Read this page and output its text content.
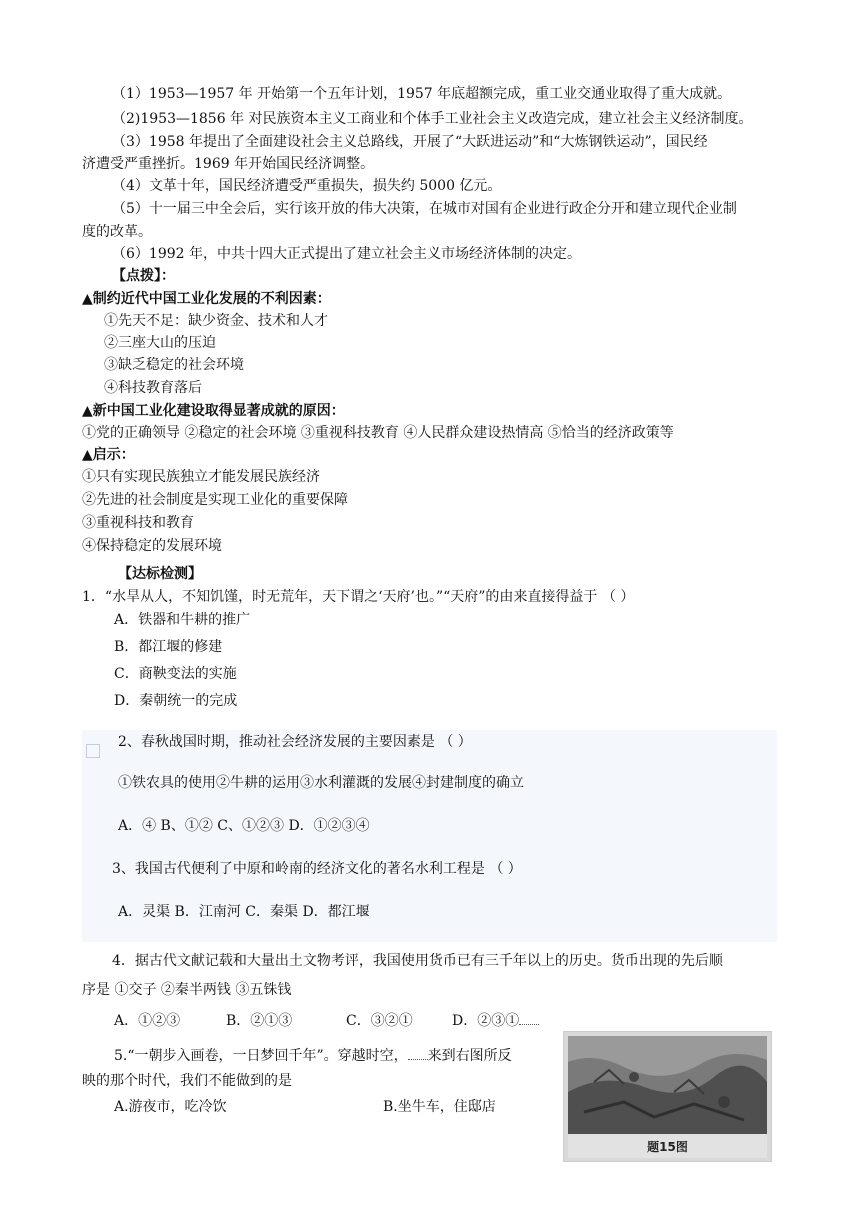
（1）1953—1957 年 开始第一个五年计划，1957 年底超额完成，重工业交通业取得了重大成就。
（2)1953—1856 年 对民族资本主义工商业和个体手工业社会主义改造完成，建立社会主义经济制度。
（3）1958 年提出了全面建设社会主义总路线，开展了“大跃进运动”和“大炼钢铁运动”，国民经
济遭受严重挫折。1969 年开始国民经济调整。
（4）文革十年，国民经济遭受严重损失，损失约 5000 亿元。
（5）十一届三中全会后，实行该开放的伟大决策，在城市对国有企业进行政企分开和建立现代企业制
度的改革。
（6）1992 年，中共十四大正式提出了建立社会主义市场经济体制的决定。
【点拨】：
▲制约近代中国工业化发展的不利因素：
①先天不足：缺少资金、技术和人才
②三座大山的压迫
③缺乏稳定的社会环境
④科技教育落后
▲新中国工业化建设取得显著成就的原因：
①党的正确领导 ②稳定的社会环境 ③重视科技教育 ④人民群众建设热情高 ⑤恰当的经济政策等
▲启示：
①只有实现民族独立才能发展民族经济
②先进的社会制度是实现工业化的重要保障
③重视科技和教育
④保持稳定的发展环境
【达标检测】
1．“水旱从人，不知饥馑，时无荒年，天下谓之‘天府’也。”“天府”的由来直接得益于 （ ）
A．铁器和牛耕的推广
B．都江堰的修建
C．商鞅变法的实施
D．秦朝统一的完成
2、春秋战国时期，推动社会经济发展的主要因素是 （ ）
①铁农具的使用②牛耕的运用③水利灌溉的发展④封建制度的确立
A．④ B、①② C、①②③ D．①②③④
3、我国古代便利了中原和岭南的经济文化的著名水利工程是 （ ）
A．灵渠 B．江南河 C．秦渠 D．都江堰
4．据古代文献记载和大量出土文物考评，我国使用货币已有三千年以上的历史。货币出现的先后顺
序是 ①交子 ②秦半两钱 ③五铢钱
A．①②③	B．②①③	C．③②①	D．②③①
5.“一朝步入画卷，一日梦回千年”。穿越时空， 来到右图所反
映的那个时代，我们不能做到的是
A.游夜市，吃冷饮	B.坐牛车，住邸店
题15图
